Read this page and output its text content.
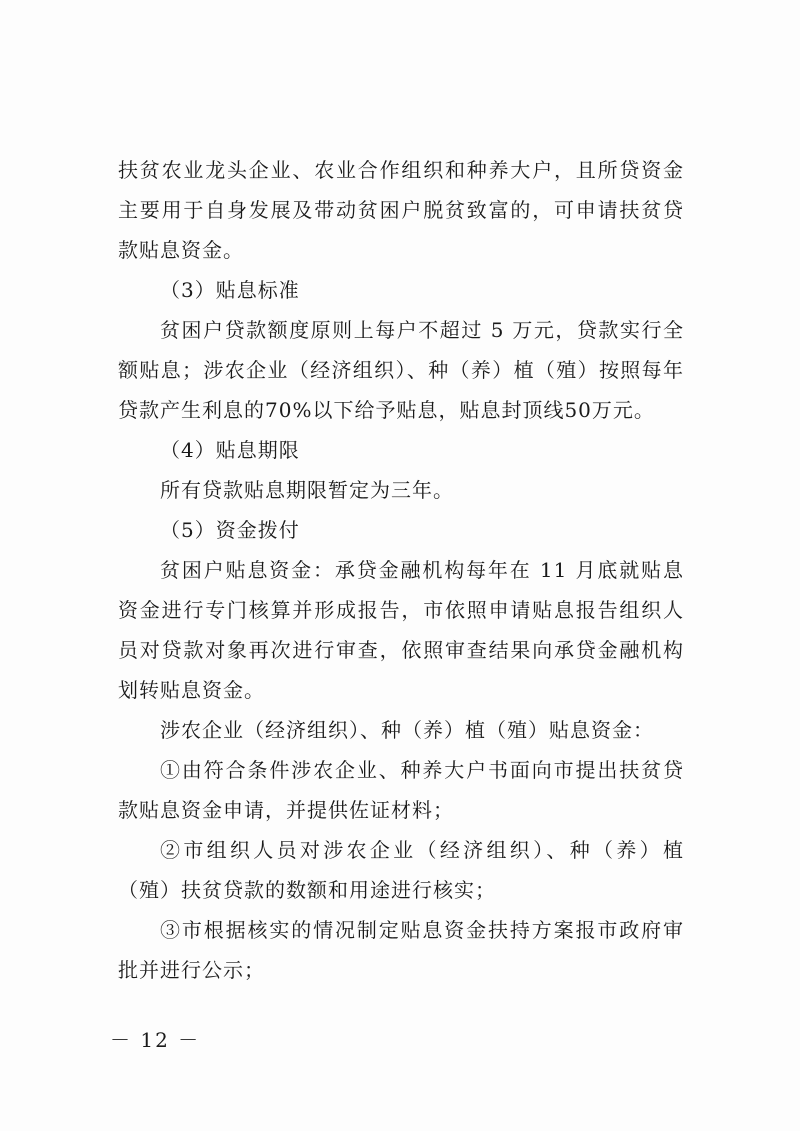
扶贫农业龙头企业、农业合作组织和种养大户，且所贷资金主要用于自身发展及带动贫困户脱贫致富的，可申请扶贫贷款贴息资金。

（3）贴息标准

贫困户贷款额度原则上每户不超过 5 万元，贷款实行全额贴息；涉农企业（经济组织）、种（养）植（殖）按照每年贷款产生利息的70%以下给予贴息，贴息封顶线50万元。

（4）贴息期限

所有贷款贴息期限暂定为三年。

（5）资金拨付

贫困户贴息资金：承贷金融机构每年在 11 月底就贴息资金进行专门核算并形成报告，市依照申请贴息报告组织人员对贷款对象再次进行审查，依照审查结果向承贷金融机构划转贴息资金。

涉农企业（经济组织）、种（养）植（殖）贴息资金：

①由符合条件涉农企业、种养大户书面向市提出扶贫贷款贴息资金申请，并提供佐证材料；

②市组织人员对涉农企业（经济组织）、种（养）植（殖）扶贫贷款的数额和用途进行核实；

③市根据核实的情况制定贴息资金扶持方案报市政府审批并进行公示；

－ 12 －
